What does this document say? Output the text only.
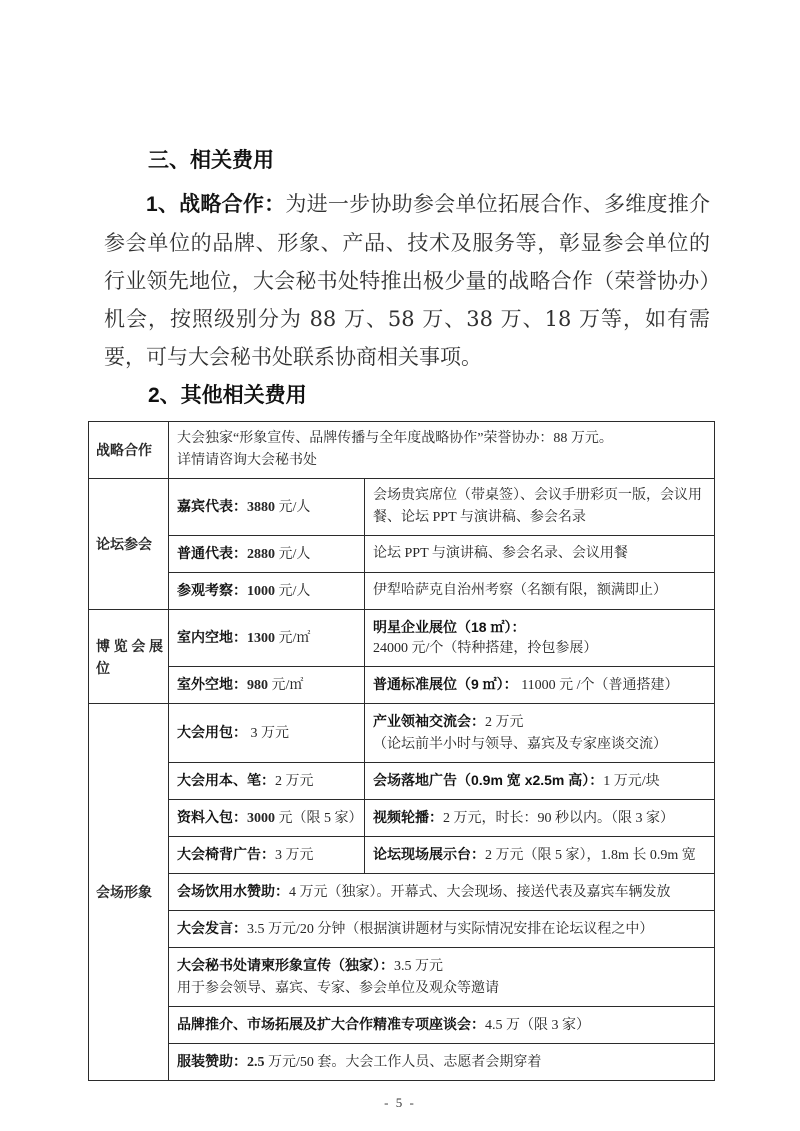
三、相关费用

1、战略合作：为进一步协助参会单位拓展合作、多维度推介参会单位的品牌、形象、产品、技术及服务等，彰显参会单位的行业领先地位，大会秘书处特推出极少量的战略合作（荣誉协办）机会，按照级别分为 88 万、58 万、38 万、18 万等，如有需要，可与大会秘书处联系协商相关事项。

2、其他相关费用
战略合作	大会独家“形象宣传、品牌传播与全年度战略协作”荣誉协办：88 万元。
详情请咨询大会秘书处	

论坛参会	嘉宾代表：3880 元/人	会场贵宾席位（带桌签）、会议手册彩页一版，会议用餐、论坛 PPT 与演讲稿、参会名录
	普通代表：2880 元/人	论坛 PPT 与演讲稿、参会名录、会议用餐
	参观考察：1000 元/人	伊犁哈萨克自治州考察（名额有限，额满即止）
博览会展位	室内空地：1300 元/㎡	明星企业展位（18 ㎡）：
24000 元/个（特种搭建，拎包参展）

	室外空地：980 元/㎡	普通标准展位（9 ㎡）： 11000 元 /个（普通搭建）
会场形象	大会用包： 3 万元	产业领袖交流会：2 万元
（论坛前半小时与领导、嘉宾及专家座谈交流）

	大会用本、笔：2 万元	会场落地广告（0.9m 宽 x2.5m 高）：1 万元/块
	资料入包：3000 元（限 5 家）	视频轮播：2 万元，时长：90 秒以内。（限 3 家）
	大会椅背广告：3 万元	论坛现场展示台：2 万元（限 5 家），1.8m 长 0.9m 宽
	会场饮用水赞助：4 万元（独家）。开幕式、大会现场、接送代表及嘉宾车辆发放	
	大会发言：3.5 万元/20 分钟（根据演讲题材与实际情况安排在论坛议程之中）	

	大会秘书处请柬形象宣传（独家）：3.5 万元
用于参会领导、嘉宾、专家、参会单位及观众等邀请	

	品牌推介、市场拓展及扩大合作精准专项座谈会：4.5 万（限 3 家）	
	服装赞助：2.5 万元/50 套。大会工作人员、志愿者会期穿着	
- 5 -
